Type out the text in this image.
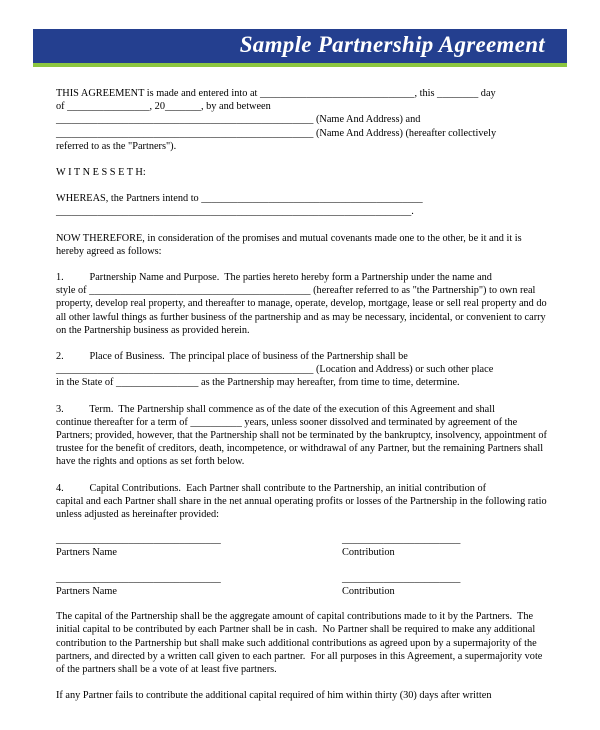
Sample Partnership Agreement

THIS AGREEMENT is made and entered into at ______________________________, this ________ day

of ________________, 20_______, by and between

__________________________________________________ (Name And Address) and

__________________________________________________ (Name And Address) (hereafter collectively

referred to as the "Partners").

W I T N E S S E T H:

WHEREAS, the Partners intend to ___________________________________________

_____________________________________________________________________.

NOW THEREFORE, in consideration of the promises and mutual covenants made one to the other, be it and it is hereby agreed as follows:

1.          Partnership Name and Purpose.  The parties hereto hereby form a Partnership under the name and

style of ___________________________________________ (hereafter referred to as "the Partnership") to own real property, develop real property, and thereafter to manage, operate, develop, mortgage, lease or sell real property and do all other lawful things as further business of the partnership and as may be necessary, incidental, or convenient to carry on the Partnership business as provided herein.

2.          Place of Business.  The principal place of business of the Partnership shall be

__________________________________________________ (Location and Address) or such other place

in the State of ________________ as the Partnership may hereafter, from time to time, determine.

3.          Term.  The Partnership shall commence as of the date of the execution of this Agreement and shall

continue thereafter for a term of __________ years, unless sooner dissolved and terminated by agreement of the Partners; provided, however, that the Partnership shall not be terminated by the bankruptcy, insolvency, appointment of trustee for the benefit of creditors, death, incompetence, or withdrawal of any Partner, but the remaining Partners shall have the rights and options as set forth below.

4.          Capital Contributions.  Each Partner shall contribute to the Partnership, an initial contribution of

capital and each Partner shall share in the net annual operating profits or losses of the Partnership in the following ratio unless adjusted as hereinafter provided:

________________________________

Partners Name

_______________________

Contribution

________________________________

Partners Name

_______________________

Contribution

The capital of the Partnership shall be the aggregate amount of capital contributions made to it by the Partners.  The initial capital to be contributed by each Partner shall be in cash.  No Partner shall be required to make any additional contribution to the Partnership but shall make such additional contributions as agreed upon by a supermajority of the partners, and directed by a written call given to each partner.  For all purposes in this Agreement, a supermajority vote of the partners shall be a vote of at least five partners.

If any Partner fails to contribute the additional capital required of him within thirty (30) days after written
